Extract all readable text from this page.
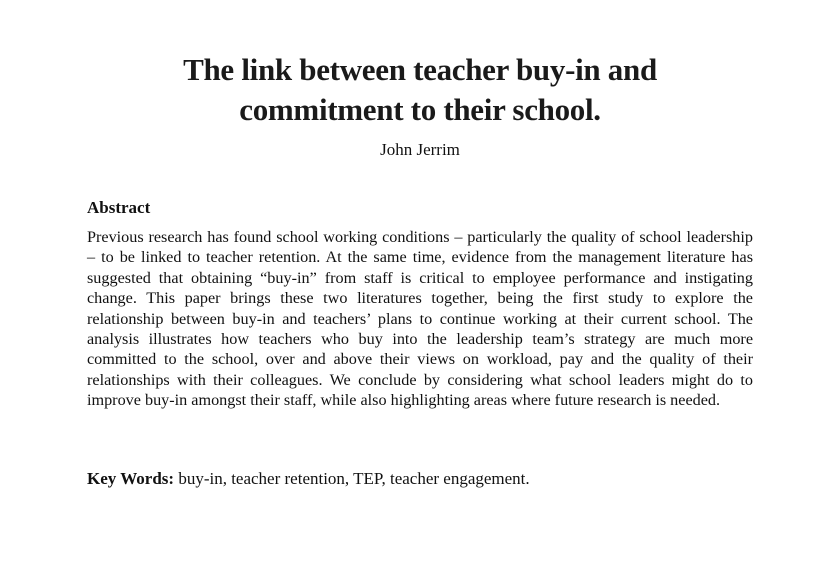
The link between teacher buy-in and
commitment to their school.

John Jerrim

Abstract

Previous research has found school working conditions – particularly the quality of school leadership – to be linked to teacher retention. At the same time, evidence from the management literature has suggested that obtaining “buy-in” from staff is critical to employee performance and instigating change. This paper brings these two literatures together, being the first study to explore the relationship between buy-in and teachers’ plans to continue working at their current school. The analysis illustrates how teachers who buy into the leadership team’s strategy are much more committed to the school, over and above their views on workload, pay and the quality of their relationships with their colleagues. We conclude by considering what school leaders might do to improve buy-in amongst their staff, while also highlighting areas where future research is needed.

Key Words: buy-in, teacher retention, TEP, teacher engagement.
